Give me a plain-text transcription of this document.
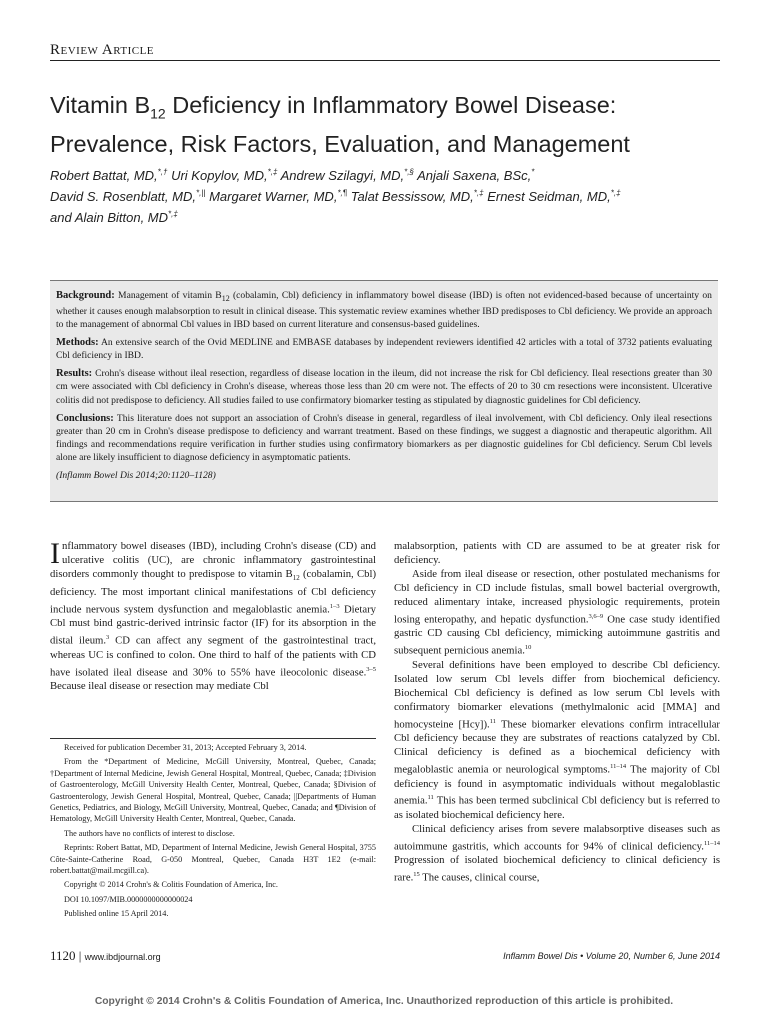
Review Article
Vitamin $B_{12}$ Deficiency in Inflammatory Bowel Disease: Prevalence, Risk Factors, Evaluation, and Management
Robert Battat, MD,*,† Uri Kopylov, MD,*,‡ Andrew Szilagyi, MD,*,§ Anjali Saxena, BSc,*
David S. Rosenblatt, MD,*,|| Margaret Warner, MD,*,¶ Talat Bessissow, MD,*,‡ Ernest Seidman, MD,*,‡
and Alain Bitton, MD*,‡

Background: Management of vitamin $B_{12}$ (cobalamin, Cbl) deficiency in inflammatory bowel disease (IBD) is often not evidenced-based because of uncertainty on whether it causes enough malabsorption to result in clinical disease. This systematic review examines whether IBD predisposes to Cbl deficiency. We provide an approach to the management of abnormal Cbl values in IBD based on current literature and consensus-based guidelines.

Methods: An extensive search of the Ovid MEDLINE and EMBASE databases by independent reviewers identified 42 articles with a total of 3732 patients evaluating Cbl deficiency in IBD.

Results: Crohn's disease without ileal resection, regardless of disease location in the ileum, did not increase the risk for Cbl deficiency. Ileal resections greater than 30 cm were associated with Cbl deficiency in Crohn's disease, whereas those less than 20 cm were not. The effects of 20 to 30 cm resections were inconsistent. Ulcerative colitis did not predispose to deficiency. All studies failed to use confirmatory biomarker testing as stipulated by diagnostic guidelines for Cbl deficiency.

Conclusions: This literature does not support an association of Crohn's disease in general, regardless of ileal involvement, with Cbl deficiency. Only ileal resections greater than 20 cm in Crohn's disease predispose to deficiency and warrant treatment. Based on these findings, we suggest a diagnostic and therapeutic algorithm. All findings and recommendations require verification in further studies using confirmatory biomarkers as per diagnostic guidelines for Cbl deficiency. Serum Cbl levels alone are likely insufficient to diagnose deficiency in asymptomatic patients.

(Inflamm Bowel Dis 2014;20:1120–1128)

Inflammatory bowel diseases (IBD), including Crohn's disease (CD) and ulcerative colitis (UC), are chronic inflammatory gastrointestinal disorders commonly thought to predispose to vitamin $B_{12}$ (cobalamin, Cbl) deficiency. The most important clinical manifestations of Cbl deficiency include nervous system dysfunction and megaloblastic anemia.$^{1-3}$ Dietary Cbl must bind gastric-derived intrinsic factor (IF) for its absorption in the distal ileum.$^3$ CD can affect any segment of the gastrointestinal tract, whereas UC is confined to colon. One third to half of the patients with CD have isolated ileal disease and 30% to 55% have ileocolonic disease.$^{3-5}$ Because ileal disease or resection may mediate Cbl

Received for publication December 31, 2013; Accepted February 3, 2014.

From the *Department of Medicine, McGill University, Montreal, Quebec, Canada; †Department of Internal Medicine, Jewish General Hospital, Montreal, Quebec, Canada; ‡Division of Gastroenterology, McGill University Health Center, Montreal, Quebec, Canada; §Division of Gastroenterology, Jewish General Hospital, Montreal, Quebec, Canada; ||Departments of Human Genetics, Pediatrics, and Biology, McGill University, Montreal, Quebec, Canada; and ¶Division of Hematology, McGill University Health Center, Montreal, Quebec, Canada.

The authors have no conflicts of interest to disclose.

Reprints: Robert Battat, MD, Department of Internal Medicine, Jewish General Hospital, 3755 Côte-Sainte-Catherine Road, G-050 Montreal, Quebec, Canada H3T 1E2 (e-mail: robert.battat@mail.mcgill.ca).

Copyright © 2014 Crohn's & Colitis Foundation of America, Inc.

DOI 10.1097/MIB.0000000000000024

Published online 15 April 2014.

malabsorption, patients with CD are assumed to be at greater risk for deficiency.

Aside from ileal disease or resection, other postulated mechanisms for Cbl deficiency in CD include fistulas, small bowel bacterial overgrowth, reduced alimentary intake, increased physiologic requirements, protein losing enteropathy, and hepatic dysfunction.$^{3,6-9}$ One case study identified gastric CD causing Cbl deficiency, mimicking autoimmune gastritis and subsequent pernicious anemia.$^{10}$

Several definitions have been employed to describe Cbl deficiency. Isolated low serum Cbl levels differ from biochemical deficiency. Biochemical Cbl deficiency is defined as low serum Cbl levels with confirmatory biomarker elevations (methylmalonic acid [MMA] and homocysteine [Hcy]).$^{11}$ These biomarker elevations confirm intracellular Cbl deficiency because they are substrates of reactions catalyzed by Cbl. Clinical deficiency is defined as a biochemical deficiency with megaloblastic anemia or neurological symptoms.$^{11-14}$ The majority of Cbl deficiency is found in asymptomatic individuals without megaloblastic anemia.$^{11}$ This has been termed subclinical Cbl deficiency but is referred to as isolated biochemical deficiency here.

Clinical deficiency arises from severe malabsorptive diseases such as autoimmune gastritis, which accounts for 94% of clinical deficiency.$^{11-14}$ Progression of isolated biochemical deficiency to clinical deficiency is rare.$^{15}$ The causes, clinical course,

1120 | www.ibdjournal.org	Inflamm Bowel Dis • Volume 20, Number 6, June 2014
Copyright © 2014 Crohn's & Colitis Foundation of America, Inc. Unauthorized reproduction of this article is prohibited.
